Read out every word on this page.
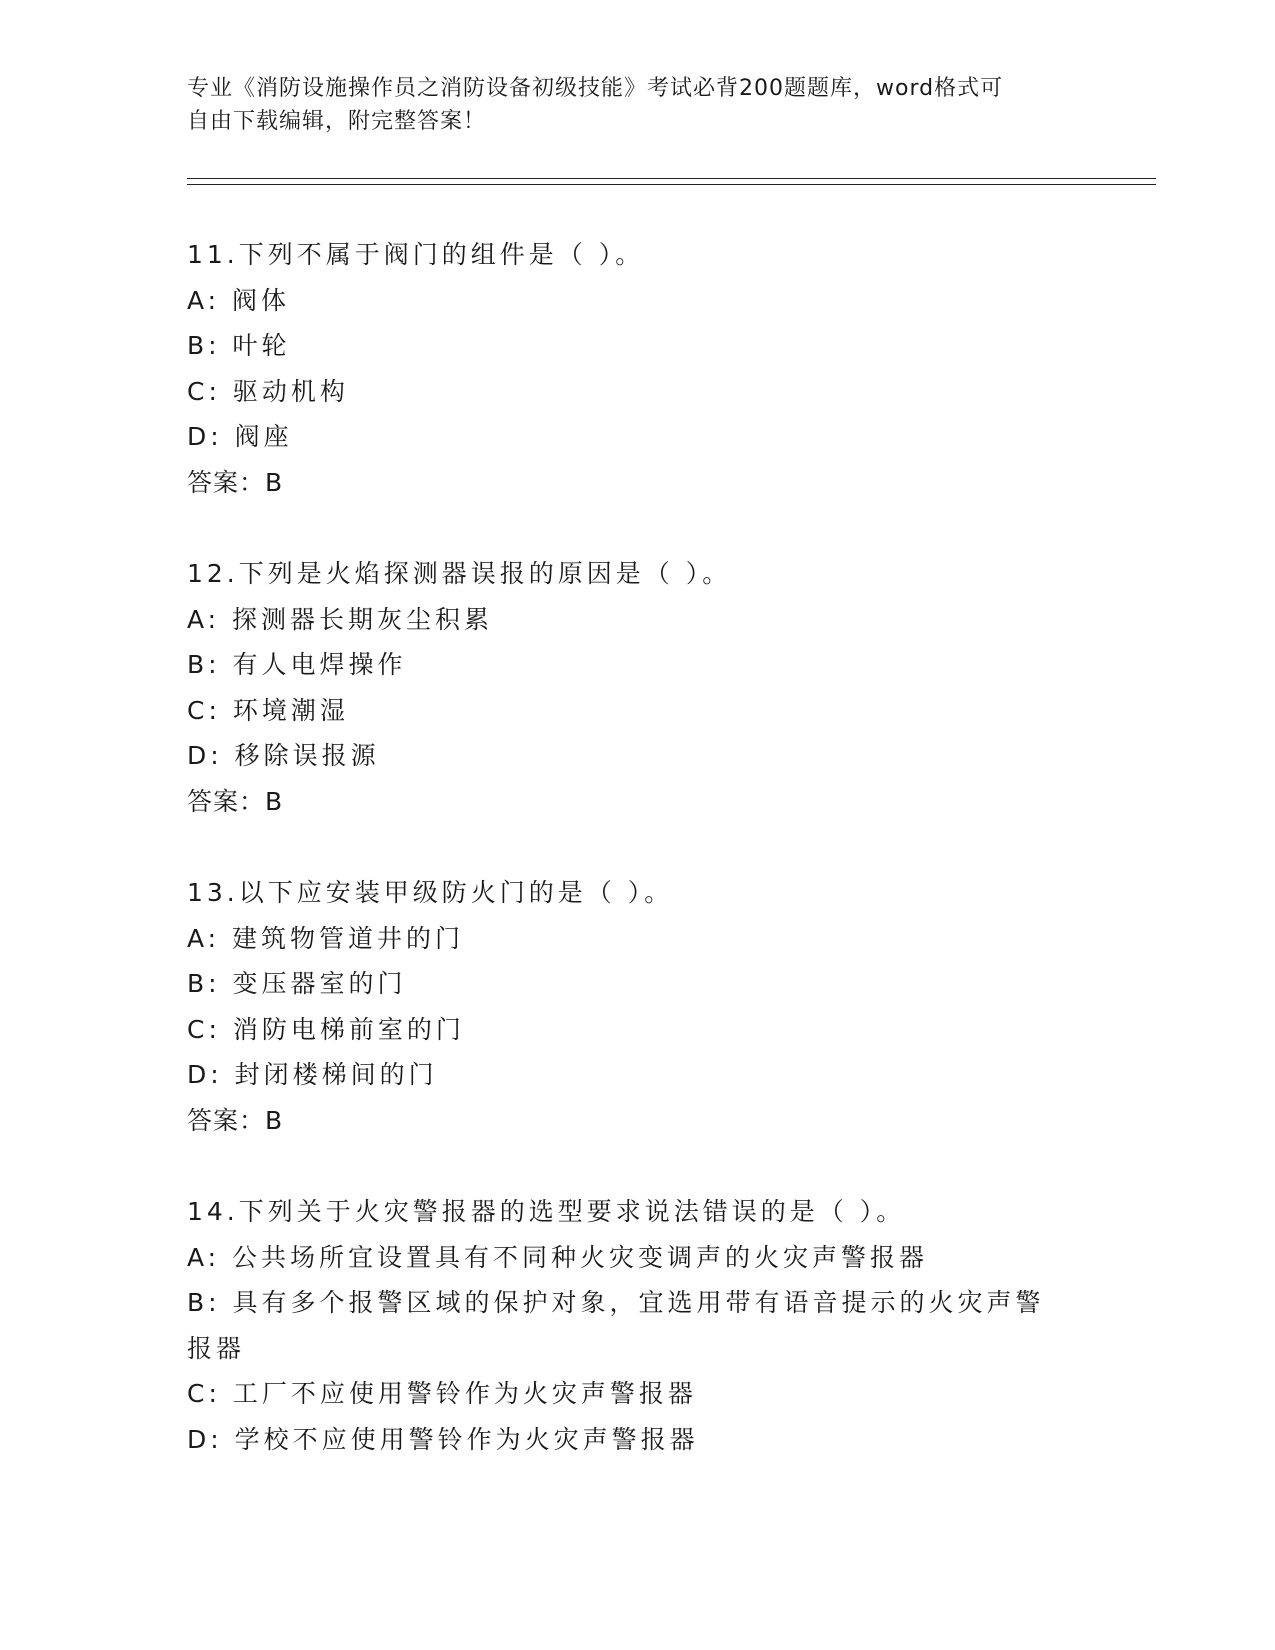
专业《消防设施操作员之消防设备初级技能》考试必背200题题库，word格式可
自由下载编辑，附完整答案！
11.下列不属于阀门的组件是（ ）。
A: 阀体
B: 叶轮
C: 驱动机构
D: 阀座
答案：B
12.下列是火焰探测器误报的原因是（ ）。
A: 探测器长期灰尘积累
B: 有人电焊操作
C: 环境潮湿
D: 移除误报源
答案：B
13.以下应安装甲级防火门的是（ ）。
A: 建筑物管道井的门
B: 变压器室的门
C: 消防电梯前室的门
D: 封闭楼梯间的门
答案：B
14.下列关于火灾警报器的选型要求说法错误的是（ ）。
A: 公共场所宜设置具有不同种火灾变调声的火灾声警报器
B: 具有多个报警区域的保护对象，宜选用带有语音提示的火灾声警报器
C: 工厂不应使用警铃作为火灾声警报器
D: 学校不应使用警铃作为火灾声警报器
